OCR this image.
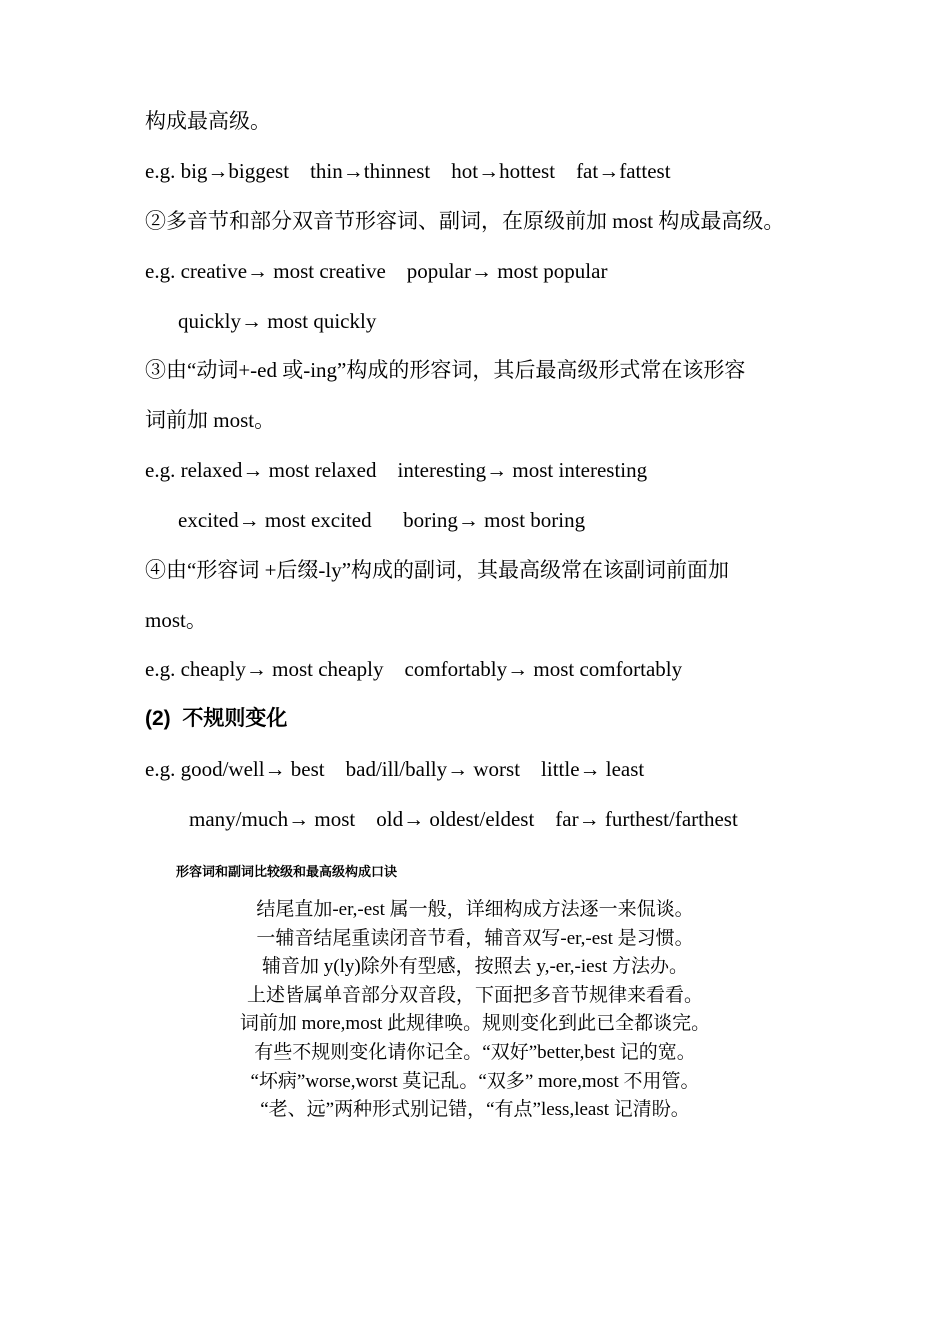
构成最高级。
e.g. big→biggest    thin→thinnest    hot→hottest    fat→fattest
②多音节和部分双音节形容词、副词，在原级前加 most 构成最高级。
e.g. creative→ most creative    popular→ most popular
quickly→ most quickly
③由“动词+-ed 或-ing”构成的形容词，其后最高级形式常在该形容
词前加 most。
e.g. relaxed→ most relaxed    interesting→ most interesting
excited→ most excited      boring→ most boring
④由“形容词 +后缀-ly”构成的副词，其最高级常在该副词前面加
most。
e.g. cheaply→ most cheaply    comfortably→ most comfortably
(2)  不规则变化
e.g. good/well→ best    bad/ill/bally→ worst    little→ least
many/much→ most    old→ oldest/eldest    far→ furthest/farthest
形容词和副词比较级和最高级构成口诀
结尾直加-er,-est 属一般，详细构成方法逐一来侃谈。
一辅音结尾重读闭音节看，辅音双写-er,-est 是习惯。
辅音加 y(ly)除外有型感，按照去 y,-er,-iest 方法办。
上述皆属单音部分双音段，下面把多音节规律来看看。
词前加 more,most 此规律唤。规则变化到此已全都谈完。
有些不规则变化请你记全。“双好”better,best 记的宽。
“坏病”worse,worst 莫记乱。“双多” more,most 不用管。
“老、远”两种形式别记错，“有点”less,least 记清盼。
